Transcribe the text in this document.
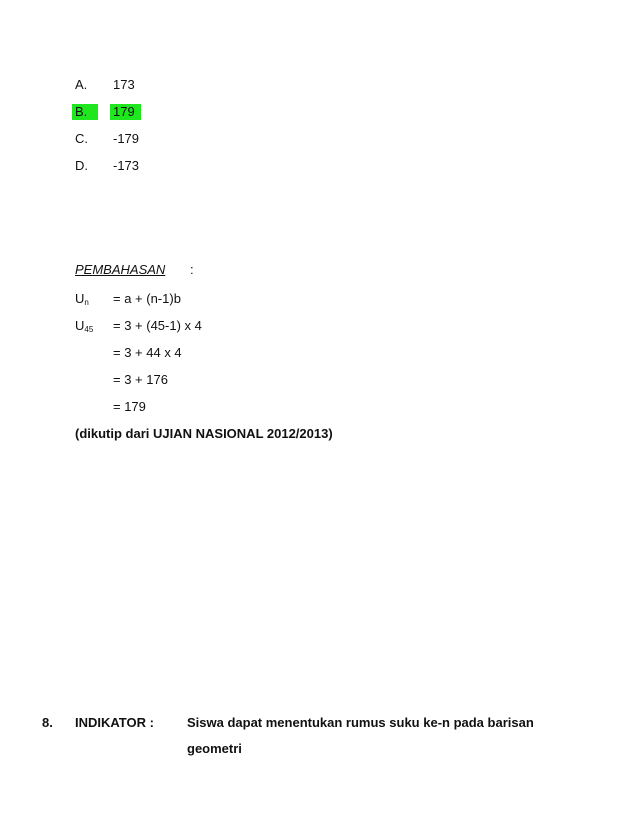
A. 173
B.	179
C. -179
D. -173
PEMBAHASAN :
$U_n = a + (n-1)b$
$U_{45} = 3 + (45-1)$ x 4
= 3 + 44 x 4
= 3 + 176
= 179
(dikutip dari UJIAN NASIONAL 2012/2013)
8. INDIKATOR :	Siswa dapat menentukan rumus suku ke-n pada barisan
geometri
